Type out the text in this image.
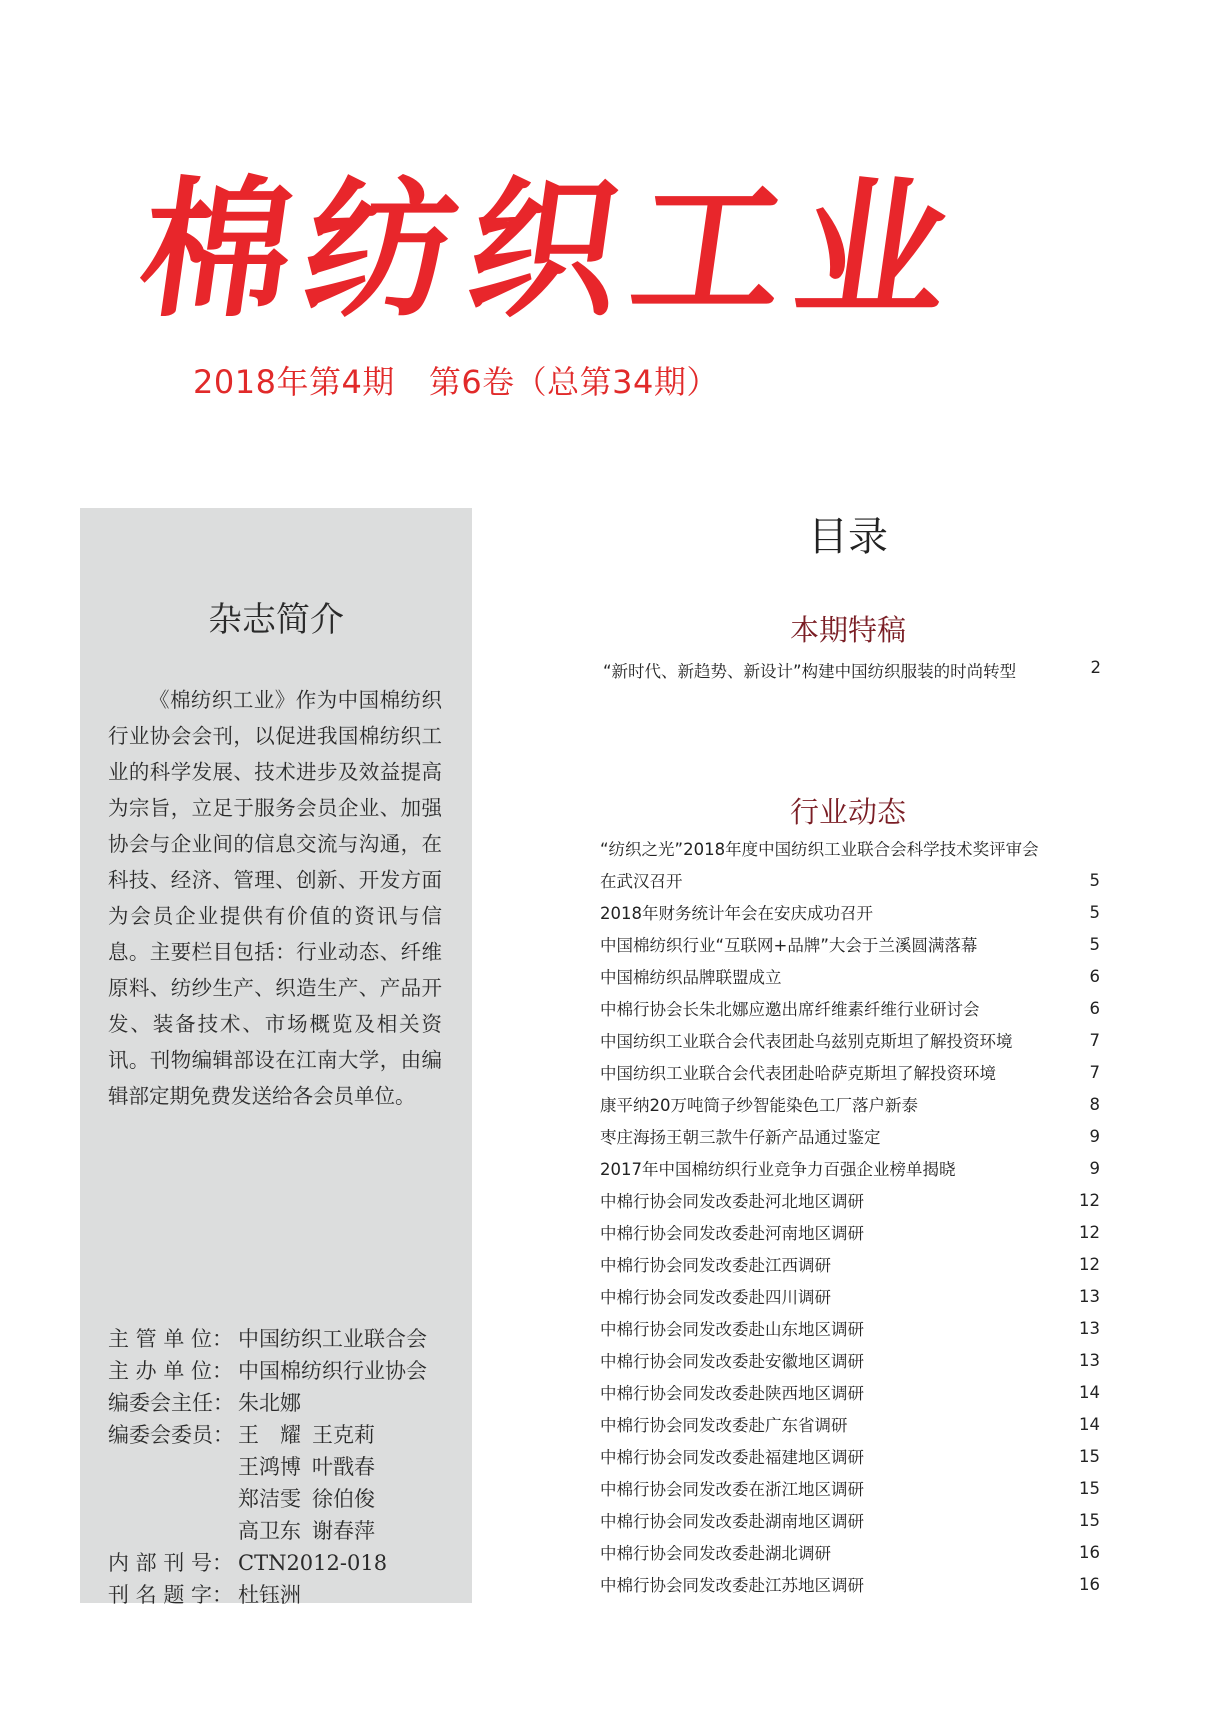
棉纺织工业
2018年第4期 第6卷（总第34期）
杂志简介
《棉纺织工业》作为中国棉纺织行业协会会刊，以促进我国棉纺织工业的科学发展、技术进步及效益提高为宗旨，立足于服务会员企业、加强协会与企业间的信息交流与沟通，在科技、经济、管理、创新、开发方面为会员企业提供有价值的资讯与信息。主要栏目包括：行业动态、纤维原料、纺纱生产、织造生产、产品开发、装备技术、市场概览及相关资讯。刊物编辑部设在江南大学，由编辑部定期免费发送给各会员单位。
主 管 单 位： 中国纺织工业联合会
主 办 单 位： 中国棉纺织行业协会
编委会主任： 朱北娜
编委会委员： 王　耀 王克莉
王鸿博 叶戬春
郑洁雯 徐伯俊
高卫东 谢春萍
内 部 刊 号： CTN2012-018
刊 名 题 字： 杜钰洲
目录
本期特稿
“新时代、新趋势、新设计”构建中国纺织服装的时尚转型	2
行业动态
“纺织之光”2018年度中国纺织工业联合会科学技术奖评审会
在武汉召开	5
2018年财务统计年会在安庆成功召开	5
中国棉纺织行业“互联网+品牌”大会于兰溪圆满落幕	5
中国棉纺织品牌联盟成立	6
中棉行协会长朱北娜应邀出席纤维素纤维行业研讨会	6
中国纺织工业联合会代表团赴乌兹别克斯坦了解投资环境	7
中国纺织工业联合会代表团赴哈萨克斯坦了解投资环境	7
康平纳20万吨筒子纱智能染色工厂落户新泰	8
枣庄海扬王朝三款牛仔新产品通过鉴定	9
2017年中国棉纺织行业竞争力百强企业榜单揭晓	9
中棉行协会同发改委赴河北地区调研	12
中棉行协会同发改委赴河南地区调研	12
中棉行协会同发改委赴江西调研	12
中棉行协会同发改委赴四川调研	13
中棉行协会同发改委赴山东地区调研	13
中棉行协会同发改委赴安徽地区调研	13
中棉行协会同发改委赴陕西地区调研	14
中棉行协会同发改委赴广东省调研	14
中棉行协会同发改委赴福建地区调研	15
中棉行协会同发改委在浙江地区调研	15
中棉行协会同发改委赴湖南地区调研	15
中棉行协会同发改委赴湖北调研	16
中棉行协会同发改委赴江苏地区调研	16
